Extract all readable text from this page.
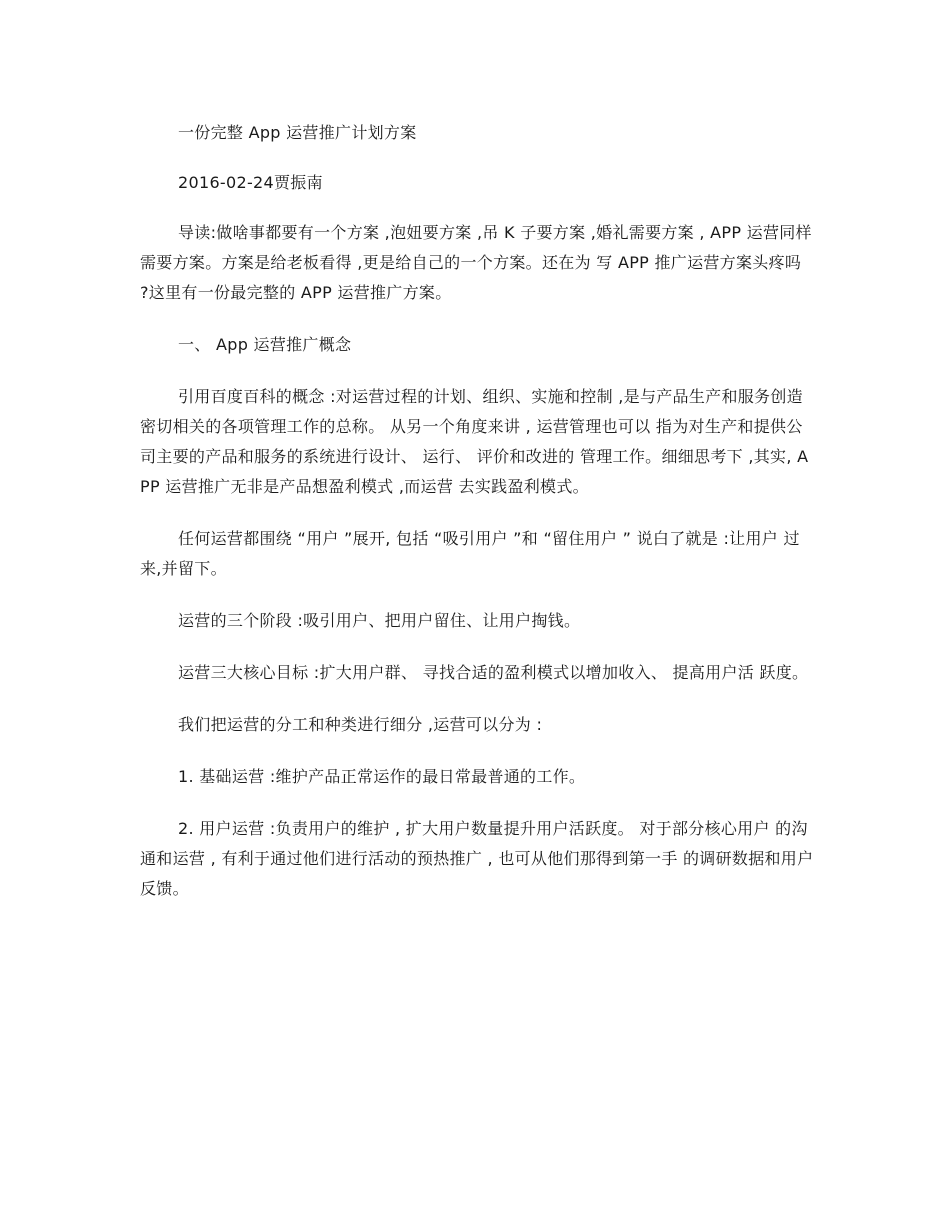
一份完整 App 运营推广计划方案

2016-02-24贾振南

导读:做啥事都要有一个方案 ,泡妞要方案 ,吊 K 子要方案 ,婚礼需要方案 , APP 运营同样需要方案。方案是给老板看得 ,更是给自己的一个方案。还在为 写 APP 推广运营方案头疼吗 ?这里有一份最完整的 APP 运营推广方案。

一、 App 运营推广概念

引用百度百科的概念 :对运营过程的计划、组织、实施和控制 ,是与产品生产和服务创造密切相关的各项管理工作的总称。 从另一个角度来讲 , 运营管理也可以 指为对生产和提供公司主要的产品和服务的系统进行设计、 运行、 评价和改进的 管理工作。细细思考下 ,其实, APP 运营推广无非是产品想盈利模式 ,而运营 去实践盈利模式。

任何运营都围绕 “用户 ”展开, 包括 “吸引用户 ”和 “留住用户 ” 说白了就是 :让用户 过来,并留下。

运营的三个阶段 :吸引用户、把用户留住、让用户掏钱。

运营三大核心目标 :扩大用户群、 寻找合适的盈利模式以增加收入、 提高用户活 跃度。

我们把运营的分工和种类进行细分 ,运营可以分为 :

1. 基础运营 :维护产品正常运作的最日常最普通的工作。

2. 用户运营 :负责用户的维护 , 扩大用户数量提升用户活跃度。 对于部分核心用户 的沟通和运营 , 有利于通过他们进行活动的预热推广 , 也可从他们那得到第一手 的调研数据和用户反馈。
